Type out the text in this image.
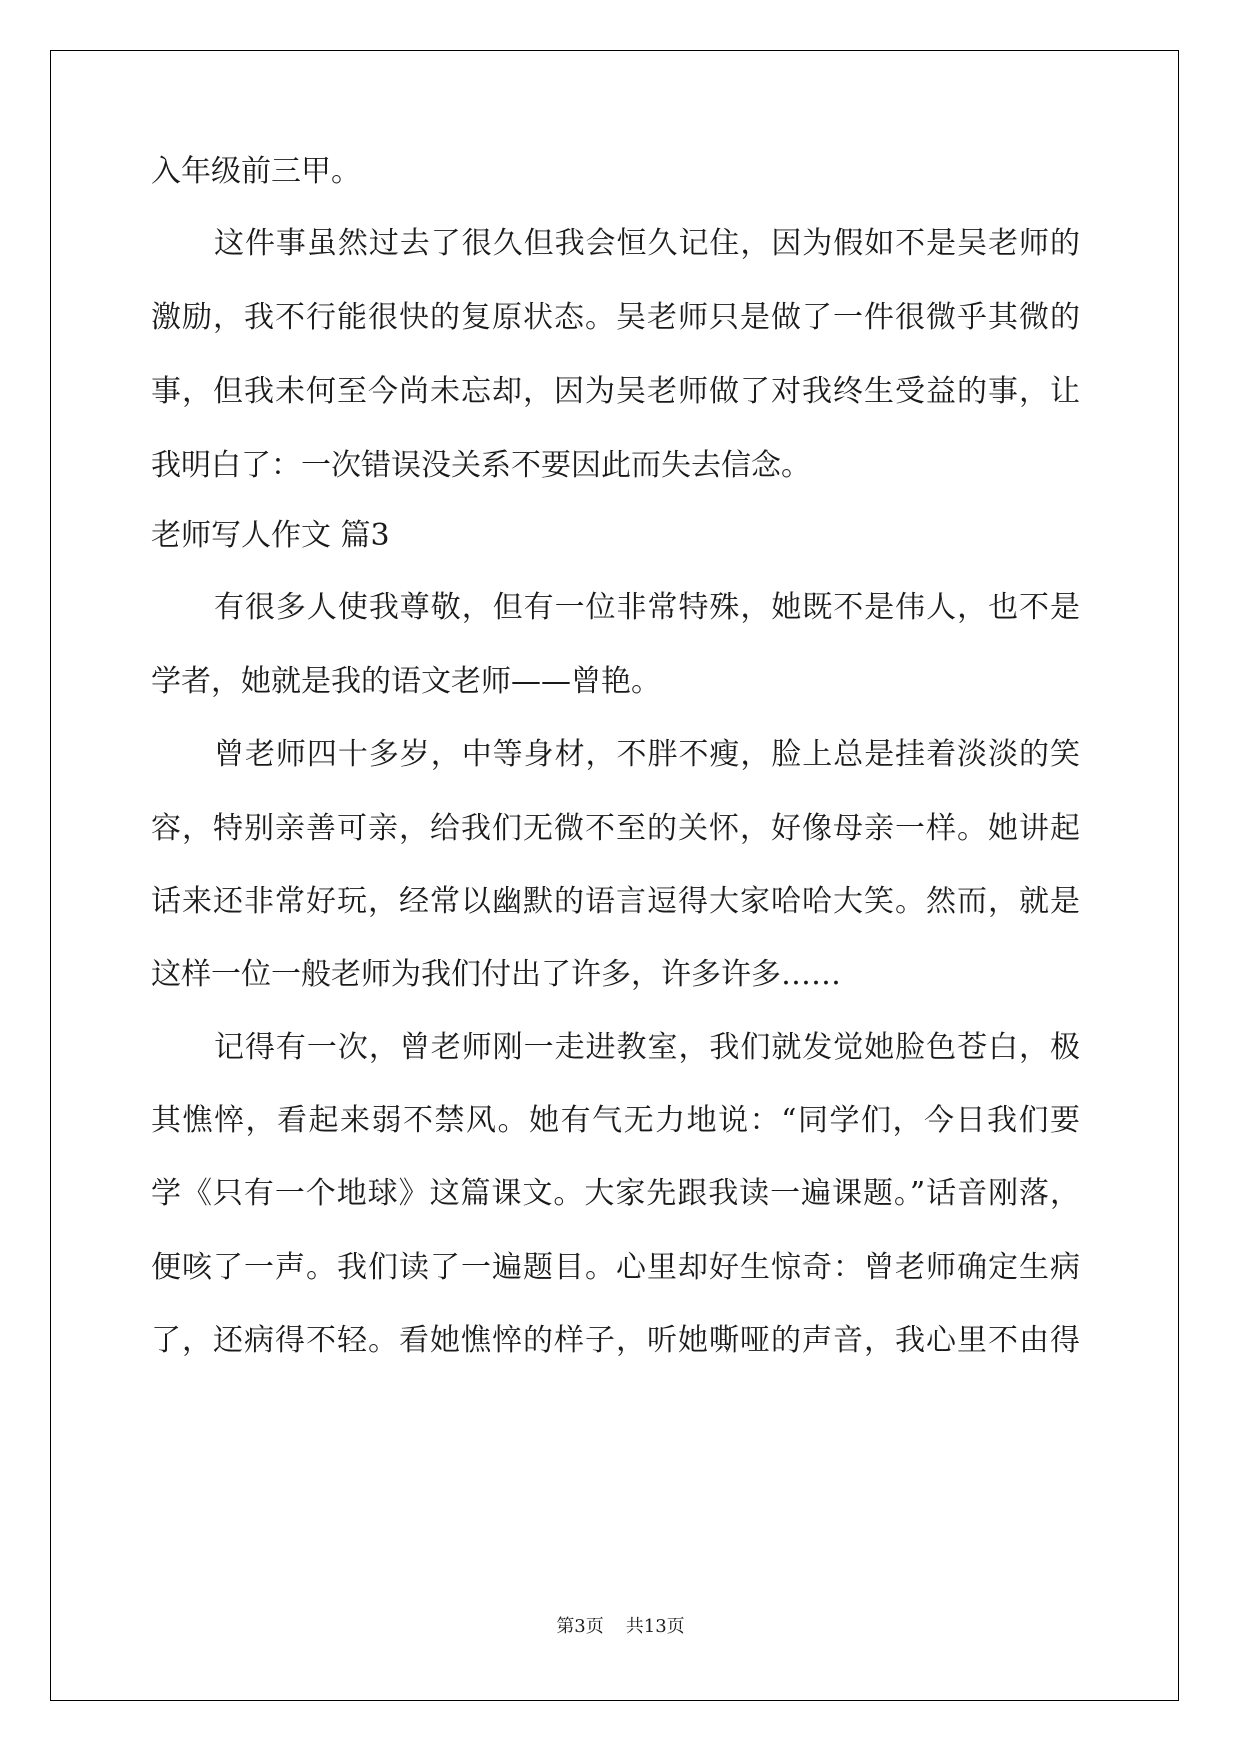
入年级前三甲。

这件事虽然过去了很久但我会恒久记住，因为假如不是吴老师的

激励，我不行能很快的复原状态。吴老师只是做了一件很微乎其微的

事，但我未何至今尚未忘却，因为吴老师做了对我终生受益的事，让

我明白了：一次错误没关系不要因此而失去信念。

老师写人作文 篇3

有很多人使我尊敬，但有一位非常特殊，她既不是伟人，也不是

学者，她就是我的语文老师——曾艳。

曾老师四十多岁，中等身材，不胖不瘦，脸上总是挂着淡淡的笑

容，特别亲善可亲，给我们无微不至的关怀，好像母亲一样。她讲起

话来还非常好玩，经常以幽默的语言逗得大家哈哈大笑。然而，就是

这样一位一般老师为我们付出了许多，许多许多……

记得有一次，曾老师刚一走进教室，我们就发觉她脸色苍白，极

其憔悴，看起来弱不禁风。她有气无力地说：“同学们，今日我们要

学《只有一个地球》这篇课文。大家先跟我读一遍课题。”话音刚落，

便咳了一声。我们读了一遍题目。心里却好生惊奇：曾老师确定生病

了，还病得不轻。看她憔悴的样子，听她嘶哑的声音，我心里不由得

第3页 共13页
